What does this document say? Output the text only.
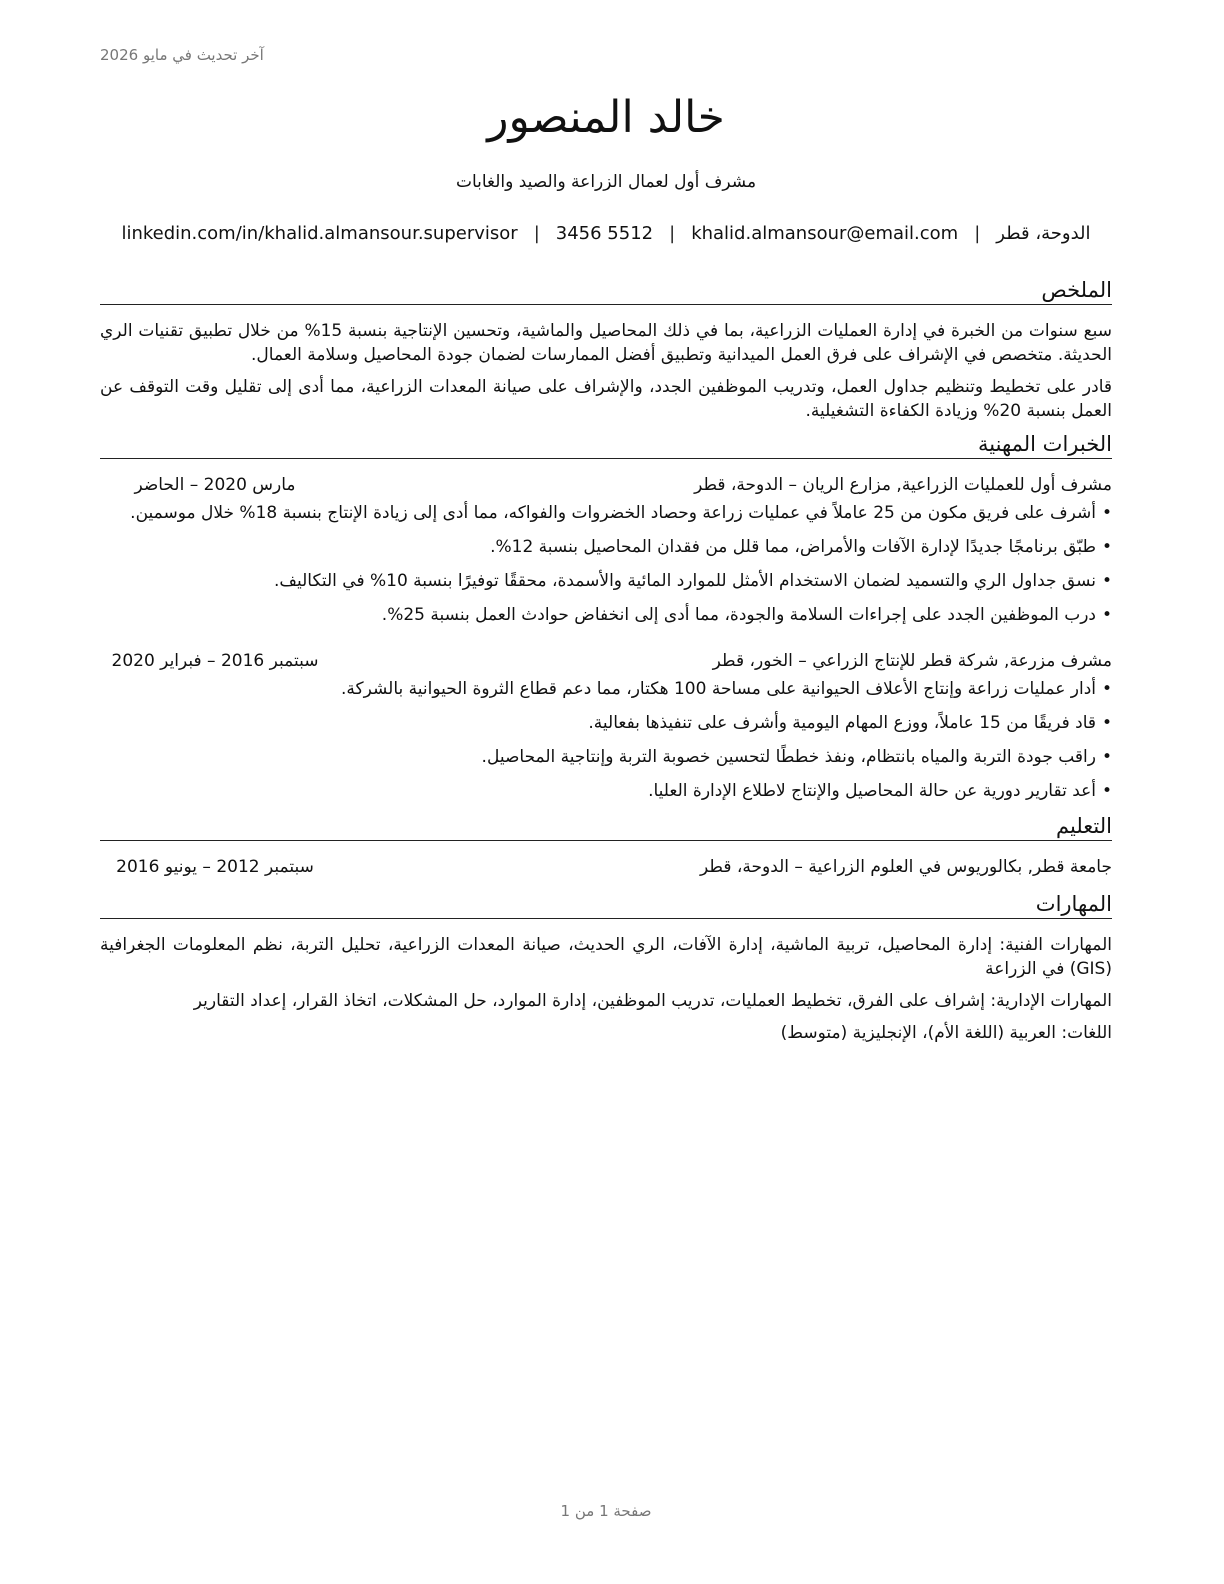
آخر تحديث في مايو 2026
خالد المنصور
مشرف أول لعمال الزراعة والصيد والغابات
الدوحة، قطر
|
khalid.almansour@email.com
|
3456 5512
|
linkedin.com/in/khalid.almansour.supervisor
الملخص

سبع سنوات من الخبرة في إدارة العمليات الزراعية، بما في ذلك المحاصيل والماشية، وتحسين الإنتاجية بنسبة 15% من خلال تطبيق تقنيات الري الحديثة. متخصص في الإشراف على فرق العمل الميدانية وتطبيق أفضل الممارسات لضمان جودة المحاصيل وسلامة العمال.

قادر على تخطيط وتنظيم جداول العمل، وتدريب الموظفين الجدد، والإشراف على صيانة المعدات الزراعية، مما أدى إلى تقليل وقت التوقف عن العمل بنسبة 20% وزيادة الكفاءة التشغيلية.

الخبرات المهنية
مشرف أول للعمليات الزراعية, مزارع الريان – الدوحة، قطر
مارس 2020 – الحاضر
•
أشرف على فريق مكون من 25 عاملاً في عمليات زراعة وحصاد الخضروات والفواكه، مما أدى إلى زيادة الإنتاج بنسبة 18% خلال موسمين.
•
طبّق برنامجًا جديدًا لإدارة الآفات والأمراض، مما قلل من فقدان المحاصيل بنسبة 12%.
•
نسق جداول الري والتسميد لضمان الاستخدام الأمثل للموارد المائية والأسمدة، محققًا توفيرًا بنسبة 10% في التكاليف.
•
درب الموظفين الجدد على إجراءات السلامة والجودة، مما أدى إلى انخفاض حوادث العمل بنسبة 25%.
مشرف مزرعة, شركة قطر للإنتاج الزراعي – الخور، قطر
سبتمبر 2016 – فبراير 2020
•
أدار عمليات زراعة وإنتاج الأعلاف الحيوانية على مساحة 100 هكتار، مما دعم قطاع الثروة الحيوانية بالشركة.
•
قاد فريقًا من 15 عاملاً، ووزع المهام اليومية وأشرف على تنفيذها بفعالية.
•
راقب جودة التربة والمياه بانتظام، ونفذ خططًا لتحسين خصوبة التربة وإنتاجية المحاصيل.
•
أعد تقارير دورية عن حالة المحاصيل والإنتاج لاطلاع الإدارة العليا.
التعليم
جامعة قطر, بكالوريوس في العلوم الزراعية – الدوحة، قطر
سبتمبر 2012 – يونيو 2016
المهارات

المهارات الفنية: إدارة المحاصيل، تربية الماشية، إدارة الآفات، الري الحديث، صيانة المعدات الزراعية، تحليل التربة، نظم المعلومات الجغرافية (GIS) في الزراعة

المهارات الإدارية: إشراف على الفرق، تخطيط العمليات، تدريب الموظفين، إدارة الموارد، حل المشكلات، اتخاذ القرار، إعداد التقارير

اللغات: العربية (اللغة الأم)، الإنجليزية (متوسط)

صفحة 1 من 1
